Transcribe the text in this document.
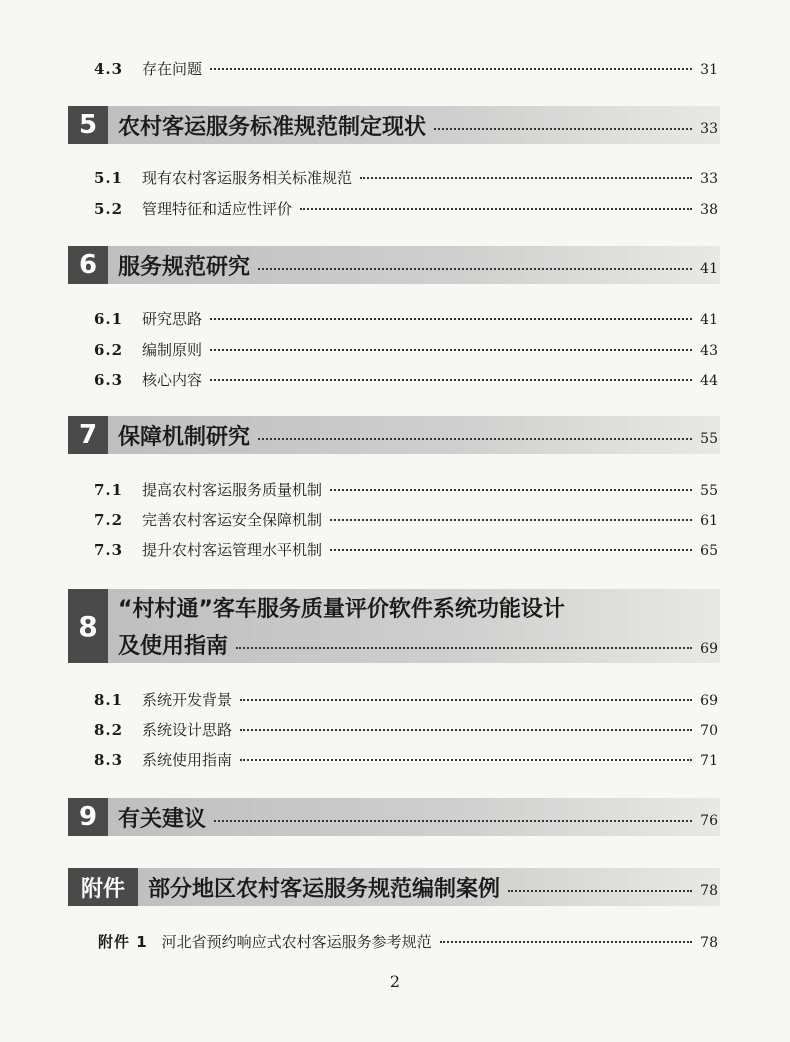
4.3	存在问题	31
5 农村客运服务标准规范制定现状	33
5.1	现有农村客运服务相关标准规范	33
5.2	管理特征和适应性评价	38
6 服务规范研究	41
6.1	研究思路	41
6.2	编制原则	43
6.3	核心内容	44
7 保障机制研究	55
7.1	提高农村客运服务质量机制	55
7.2	完善农村客运安全保障机制	61
7.3	提升农村客运管理水平机制	65
8 “村村通”客车服务质量评价软件系统功能设计
及使用指南	69
8.1	系统开发背景	69
8.2	系统设计思路	70
8.3	系统使用指南	71
9 有关建议	76
附件	部分地区农村客运服务规范编制案例	78
附件 1 河北省预约响应式农村客运服务参考规范	78
2
